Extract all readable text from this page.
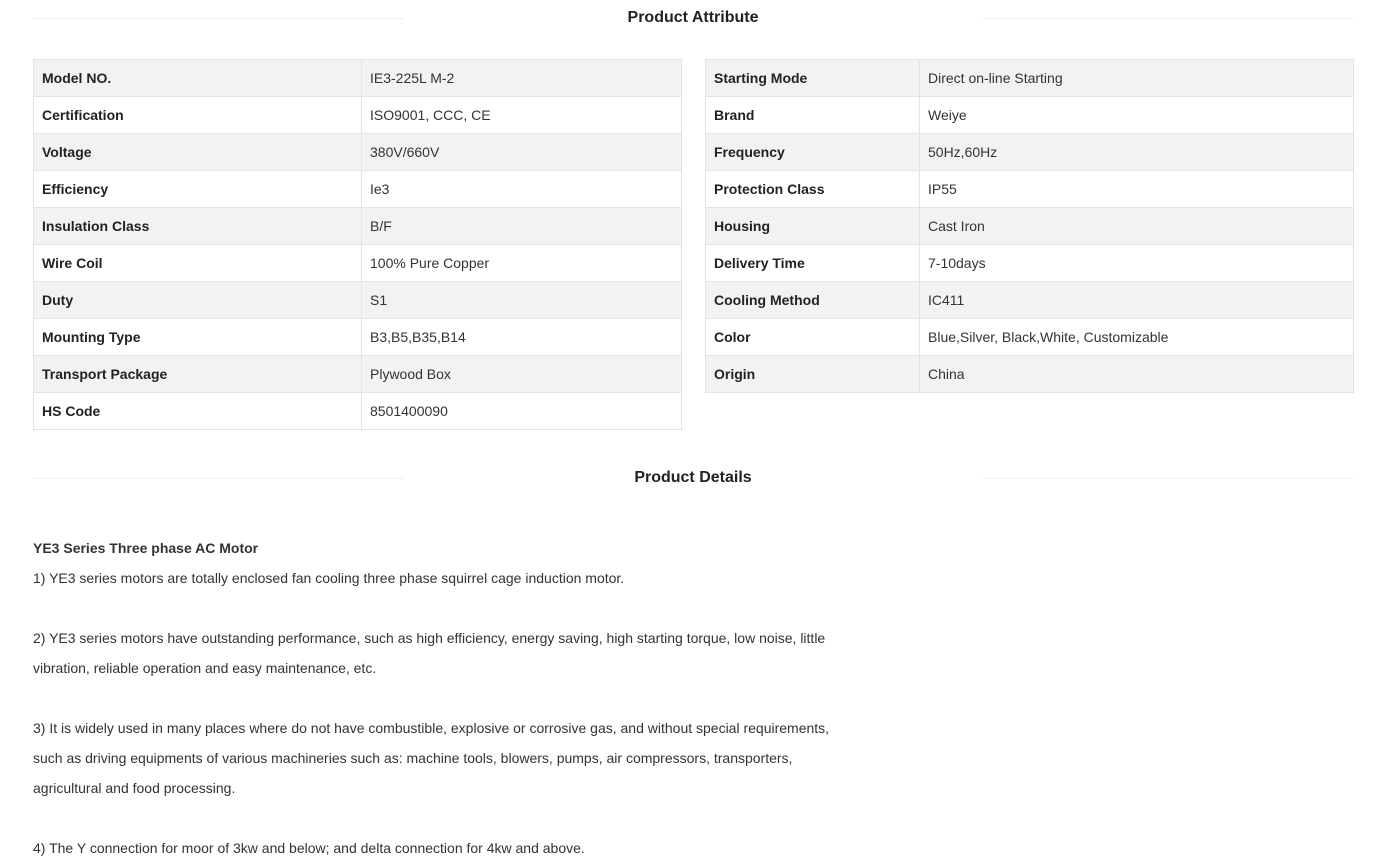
Product Attribute
Model NO.	IE3-225L M-2
Certification	ISO9001, CCC, CE
Voltage	380V/660V
Efficiency	Ie3
Insulation Class	B/F
Wire Coil	100% Pure Copper
Duty	S1
Mounting Type	B3,B5,B35,B14
Transport Package	Plywood Box
HS Code	8501400090
Starting Mode	Direct on-line Starting
Brand	Weiye
Frequency	50Hz,60Hz
Protection Class	IP55
Housing	Cast Iron
Delivery Time	7-10days
Cooling Method	IC411
Color	Blue,Silver, Black,White, Customizable
Origin	China
Product Details

YE3 Series Three phase AC Motor

1) YE3 series motors are totally enclosed fan cooling three phase squirrel cage induction motor.

2) YE3 series motors have outstanding performance, such as high efficiency, energy saving, high starting torque, low noise, little

vibration, reliable operation and easy maintenance, etc.

3) It is widely used in many places where do not have combustible, explosive or corrosive gas, and without special requirements,

such as driving equipments of various machineries such as: machine tools, blowers, pumps, air compressors, transporters,

agricultural and food processing.

4) The Y connection for moor of 3kw and below; and delta connection for 4kw and above.
